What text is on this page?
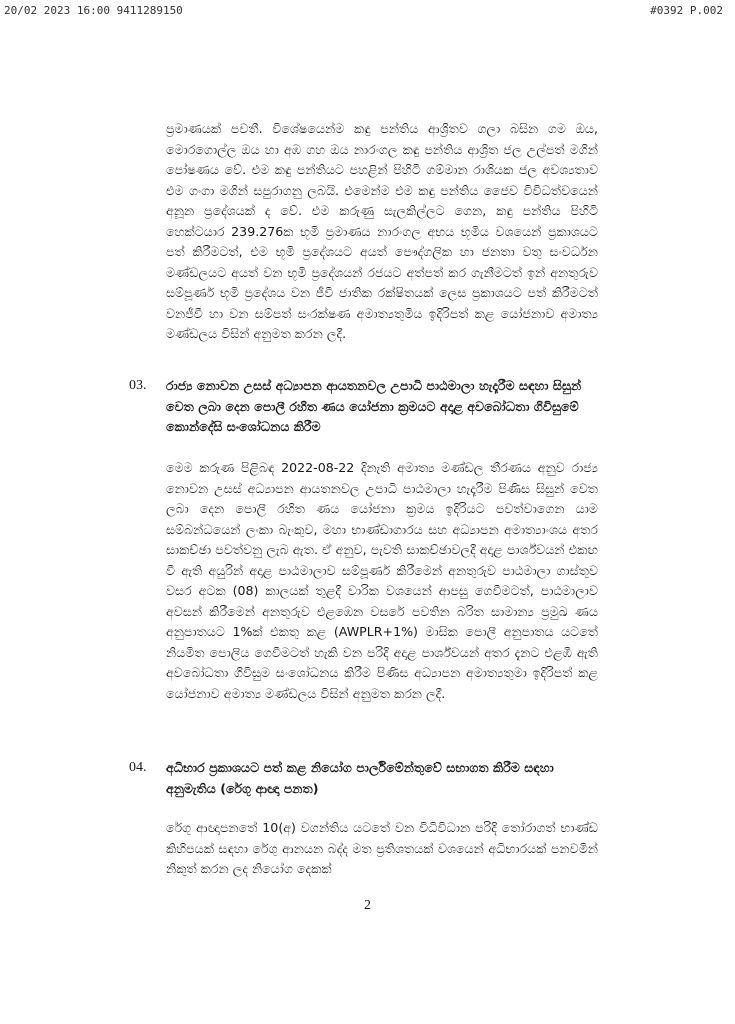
20/02 2023 16:00 9411289150	#0392 P.002

ප්‍රමාණයක් පවතී. විශේෂයෙන්ම කඳු පන්තිය ආශ්‍රිතව ගලා බසින ගම ඔය, මොරගොල්ල ඔය හා අඹ ගහ ඔය නාරංගල කඳු පන්තිය ආශ්‍රිත ජල උල්පත් මගින් පෝෂණය වේ. එම කඳු පන්තියට පහළින් පිහිටි ගම්මාන රාශියක ජල අවශ්‍යතාව එම ගංගා මගින් සපුරාගනු ලබයි. එමෙන්ම එම කඳු පන්තිය ජෛව විවිධත්වයෙන් අනූන ප්‍රදේශයක් ද වේ. එම කරුණු සැලකිල්ලට ගෙන, කඳු පන්තිය පිහිටි හෙක්ටයාර 239.276ක භූමි ප්‍රමාණය නාරංගල අභය භූමිය වශයෙන් ප්‍රකාශයට පත් කිරීමටත්, එම භූමි ප්‍රදේශයට අයත් පෞද්ගලික හා ජනතා වතු සංවර්ධන මණ්ඩලයට අයත් වන භූමි ප්‍රදේශයන් රජයට අත්පත් කර ගැනීමටත් ඉන් අනතුරුව සම්පූර්ණ භූමි ප්‍රදේශය වන ජීවී ජාතික රක්ෂිතයක් ලෙස ප්‍රකාශයට පත් කිරීමටත් වනජීවී හා වන සම්පත් සංරක්ෂණ අමාත්‍යතුමිය ඉදිරිපත් කළ යෝජනාව අමාත්‍ය මණ්ඩලය විසින් අනුමත කරන ලදී.

03. රාජ්‍ය නොවන උසස් අධ්‍යාපන ආයතනවල උපාධි පාඨමාලා හැදෑරීම සඳහා සිසුන් වෙත ලබා දෙන පොලී රහිත ණය යෝජනා ක්‍රමයට අදාළ අවබෝධතා ගිවිසුමේ කොන්දේසි සංශෝධනය කිරීම

මෙම කරුණ පිළිබඳ 2022-08-22 දිනැති අමාත්‍ය මණ්ඩල තීරණය අනුව රාජ්‍ය නොවන උසස් අධ්‍යාපන ආයතනවල උපාධි පාඨමාලා හැදෑරීම පිණිස සිසුන් වෙත ලබා දෙන පොලී රහිත ණය යෝජනා ක්‍රමය ඉදිරියට පවත්වාගෙන යාම සම්බන්ධයෙන් ලංකා බැංකුව, මහා භාණ්ඩාගාරය සහ අධ්‍යාපන අමාත්‍යාංශය අතර සාකච්ඡා පවත්වනු ලැබ ඇත. ඒ අනුව, පැවති සාකච්ඡාවලදී අදාළ පාර්ශ්වයන් එකඟ වී ඇති අයුරින් අදාළ පාඨමාලාව සම්පූර්ණ කිරීමෙන් අනතුරුව පාඨමාලා ගාස්තුව වසර අටක (08) කාලයක් තුළදී වාරික වශයෙන් ආපසු ගෙවීමටත්, පාඨමාලාව අවසන් කිරීමෙන් අනතුරුව එළඹෙන වසරේ පවතින බරිත සාමාන්‍ය ප්‍රමුඛ ණය අනුපාතයට 1%ක් එකතු කළ (AWPLR+1%) මාසික පොලී අනුපාතය යටතේ නියමිත පොලිය ගෙවීමටත් හැකි වන පරිදි අදාළ පාර්ශ්වයන් අතර දැනට එළඹී ඇති අවබෝධතා ගිවිසුම සංශෝධනය කිරීම පිණිස අධ්‍යාපන අමාත්‍යතුමා ඉදිරිපත් කළ යෝජනාව අමාත්‍ය මණ්ඩලය විසින් අනුමත කරන ලදී.

04. අධිභාර ප්‍රකාශයට පත් කළ නියෝග පාර්ලිමේන්තුවේ සභාගත කිරීම සඳහා අනුමැතිය (රේගු ආඥා පනත)

රේගු ආඥාපනතේ 10(අ) වගන්තිය යටතේ වන විධිවිධාන පරිදි තෝරාගත් භාණ්ඩ කිහිපයක් සඳහා රේගු ආනයන බද්ද මත ප්‍රතිශතයක් වශයෙන් අධිභාරයක් පනවමින් නිකුත් කරන ලද නියෝග දෙකක්

2
